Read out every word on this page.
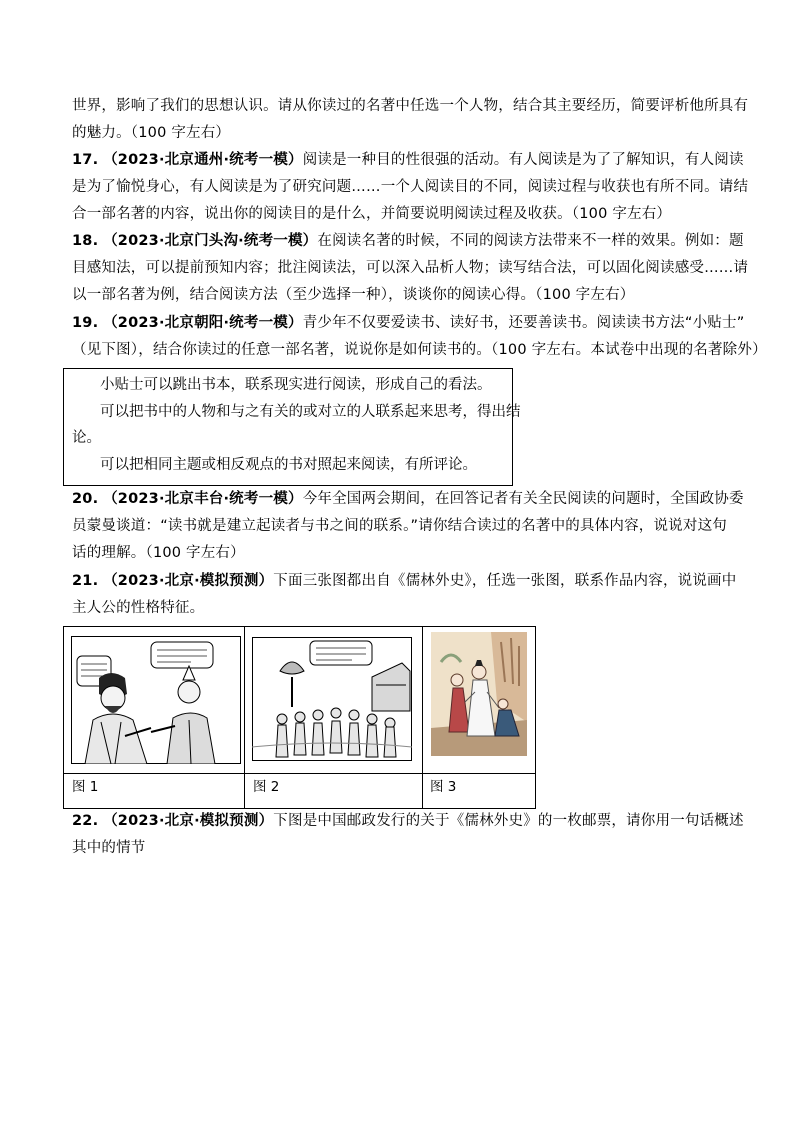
世界，影响了我们的思想认识。请从你读过的名著中任选一个人物，结合其主要经历，简要评析他所具有
的魅力。（100 字左右）
17. （2023·北京通州·统考一模）阅读是一种目的性很强的活动。有人阅读是为了了解知识，有人阅读
是为了愉悦身心，有人阅读是为了研究问题……一个人阅读目的不同，阅读过程与收获也有所不同。请结
合一部名著的内容，说出你的阅读目的是什么，并简要说明阅读过程及收获。（100 字左右）
18. （2023·北京门头沟·统考一模）在阅读名著的时候，不同的阅读方法带来不一样的效果。例如：题
目感知法，可以提前预知内容；批注阅读法，可以深入品析人物；读写结合法，可以固化阅读感受……请
以一部名著为例，结合阅读方法（至少选择一种），谈谈你的阅读心得。（100 字左右）
19. （2023·北京朝阳·统考一模）青少年不仅要爱读书、读好书，还要善读书。阅读读书方法“小贴士”
（见下图），结合你读过的任意一部名著，说说你是如何读书的。（100 字左右。本试卷中出现的名著除外）
小贴士可以跳出书本，联系现实进行阅读，形成自己的看法。
可以把书中的人物和与之有关的或对立的人联系起来思考，得出结
论。
可以把相同主题或相反观点的书对照起来阅读，有所评论。
20. （2023·北京丰台·统考一模）今年全国两会期间，在回答记者有关全民阅读的问题时，全国政协委
员蒙曼谈道：“读书就是建立起读者与书之间的联系。”请你结合读过的名著中的具体内容，说说对这句
话的理解。（100 字左右）
21. （2023·北京·模拟预测）下面三张图都出自《儒林外史》，任选一张图，联系作品内容，说说画中
主人公的性格特征。
图 1	图 2	图 3
22. （2023·北京·模拟预测）下图是中国邮政发行的关于《儒林外史》的一枚邮票，请你用一句话概述
其中的情节
